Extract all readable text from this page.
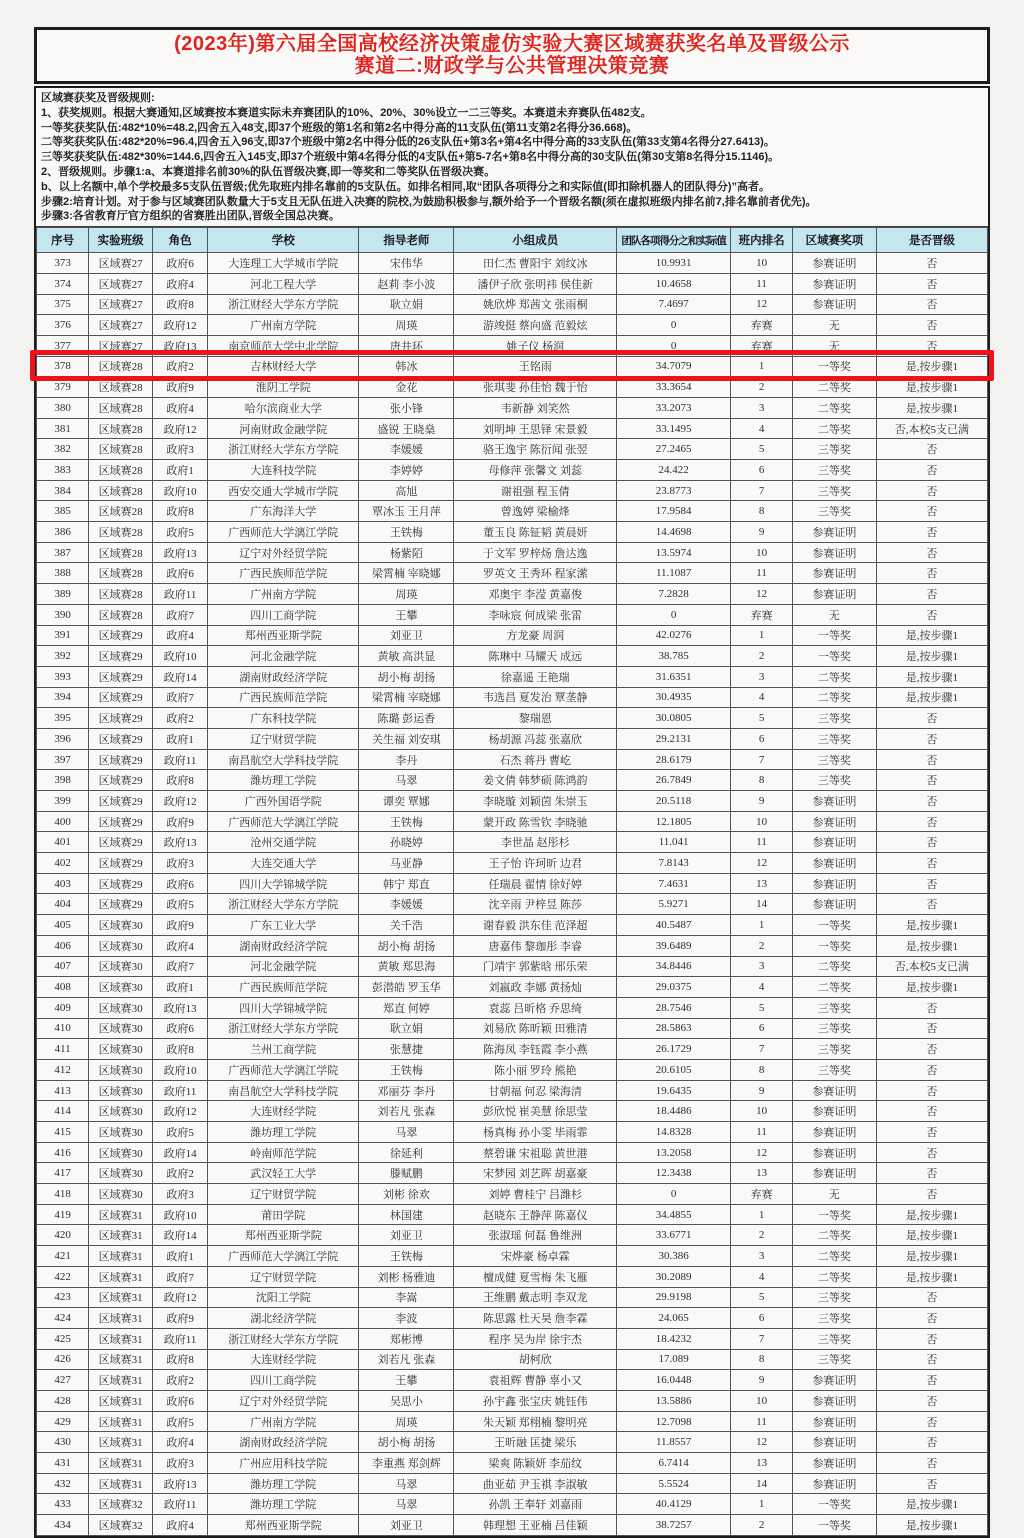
(2023年)第六届全国高校经济决策虚仿实验大赛区域赛获奖名单及晋级公示
赛道二:财政学与公共管理决策竞赛
区域赛获奖及晋级规则:
1、获奖规则。根据大赛通知,区域赛按本赛道实际未弃赛团队的10%、20%、30%设立一二三等奖。本赛道未弃赛队伍482支。
一等奖获奖队伍:482*10%=48.2,四舍五入48支,即37个班级的第1名和第2名中得分高的11支队伍(第11支第2名得分36.668)。
二等奖获奖队伍:482*20%=96.4,四舍五入96支,即37个班级中第2名中得分低的26支队伍+第3名+第4名中得分高的33支队伍(第33支第4名得分27.6413)。
三等奖获奖队伍:482*30%=144.6,四舍五入145支,即37个班级中第4名得分低的4支队伍+第5-7名+第8名中得分高的30支队伍(第30支第8名得分15.1146)。
2、晋级规则。步骤1:a、本赛道排名前30%的队伍晋级决赛,即一等奖和二等奖队伍晋级决赛。
b、以上名额中,单个学校最多5支队伍晋级;优先取班内排名靠前的5支队伍。如排名相同,取“团队各项得分之和实际值(即扣除机器人的团队得分)”高者。
步骤2:培育计划。对于参与区域赛团队数量大于5支且无队伍进入决赛的院校,为鼓励积极参与,额外给予一个晋级名额(须在虚拟班级内排名前7,排名靠前者优先)。
步骤3:各省教育厅官方组织的省赛胜出团队,晋级全国总决赛。
序号	实验班级	角色	学校	指导老师	小组成员	团队各项得分之和实际值	班内排名	区域赛奖项	是否晋级
373	区域赛27	政府6	大连理工大学城市学院	宋伟华	田仁杰 曹阳宇 刘纹冰	10.9931	10	参赛证明	否
374	区域赛27	政府4	河北工程大学	赵莉 李小波	潘伊子欣 张明祎 侯佳新	10.4658	11	参赛证明	否
375	区域赛27	政府8	浙江财经大学东方学院	耿立娟	姚欣烨 郑茜文 张雨桐	7.4697	12	参赛证明	否
376	区域赛27	政府12	广州南方学院	周瑛	游竣挺 蔡向盛 范毅炫	0	弃赛	无	否
377	区域赛27	政府13	南京师范大学中北学院	唐井环	姚子仪 杨润	0	弃赛	无	否
378	区域赛28	政府2	吉林财经大学	韩冰	王铭雨	34.7079	1	一等奖	是,按步骤1
379	区域赛28	政府9	淮阴工学院	金花	张琪斐 孙佳怡 魏于怡	33.3654	2	二等奖	是,按步骤1
380	区域赛28	政府4	哈尔滨商业大学	张小锋	韦新静 刘笑然	33.2073	3	二等奖	是,按步骤1
381	区域赛28	政府12	河南财政金融学院	盛锐 王晓燊	刘明坤 王思铎 宋景毅	33.1495	4	二等奖	否,本校5支已满
382	区域赛28	政府3	浙江财经大学东方学院	李媛媛	骆王逸宇 陈衍闻 张翌	27.2465	5	三等奖	否
383	区域赛28	政府1	大连科技学院	李婷婷	母修萍 张馨文 刘蕊	24.422	6	三等奖	否
384	区域赛28	政府10	西安交通大学城市学院	高旭	谢祖强 程玉倩	23.8773	7	三等奖	否
385	区域赛28	政府8	广东海洋大学	覃冰玉 王月萍	曾逸婷 梁榆烽	17.9584	8	三等奖	否
386	区域赛28	政府5	广西师范大学漓江学院	王铁梅	董玉良 陈钲韬 黄晨妍	14.4698	9	参赛证明	否
387	区域赛28	政府13	辽宁对外经贸学院	杨紫陌	于文军 罗梓炀 詹达逸	13.5974	10	参赛证明	否
388	区域赛28	政府6	广西民族师范学院	梁霄楠 宰晓娜	罗英文 王秀环 程家潆	11.1087	11	参赛证明	否
389	区域赛28	政府11	广州南方学院	周瑛	邓奥宇 李滢 黄嘉俊	7.2828	12	参赛证明	否
390	区域赛28	政府7	四川工商学院	王攀	李咏宸 何成梁 张雷	0	弃赛	无	否
391	区域赛29	政府4	郑州西亚斯学院	刘亚卫	方龙豪 周润	42.0276	1	一等奖	是,按步骤1
392	区域赛29	政府10	河北金融学院	黄敏 高洪显	陈琳中 马耀天 成远	38.785	2	一等奖	是,按步骤1
393	区域赛29	政府14	湖南财政经济学院	胡小梅 胡扬	徐嘉遥 王艳瑞	31.6351	3	二等奖	是,按步骤1
394	区域赛29	政府7	广西民族师范学院	梁霄楠 宰晓娜	韦选昌 夏发治 覃垄静	30.4935	4	二等奖	是,按步骤1
395	区域赛29	政府2	广东科技学院	陈璐 彭运香	黎瑞恩	30.0805	5	三等奖	否
396	区域赛29	政府1	辽宁财贸学院	关生福 刘安琪	杨胡源 冯蕊 张嘉欣	29.2131	6	三等奖	否
397	区域赛29	政府11	南昌航空大学科技学院	李丹	石杰 蒋丹 曹屹	28.6179	7	三等奖	否
398	区域赛29	政府8	潍坊理工学院	马翠	姜文倩 韩梦硕 陈鸿韵	26.7849	8	三等奖	否
399	区域赛29	政府12	广西外国语学院	谭奕 覃娜	李晓璇 刘颖茵 朱崇玉	20.5118	9	参赛证明	否
400	区域赛29	政府9	广西师范大学漓江学院	王铁梅	蒙开政 陈雪钦 李晓驰	12.1805	10	参赛证明	否
401	区域赛29	政府13	沧州交通学院	孙晓婷	李世晶 赵彤杉	11.041	11	参赛证明	否
402	区域赛29	政府3	大连交通大学	马亚静	王子怡 许珂昕 边君	7.8143	12	参赛证明	否
403	区域赛29	政府6	四川大学锦城学院	韩宁 郑直	任瑞晨 翟情 徐好婷	7.4631	13	参赛证明	否
404	区域赛29	政府5	浙江财经大学东方学院	李媛媛	沈辛雨 尹梓昱 陈莎	5.9271	14	参赛证明	否
405	区域赛30	政府9	广东工业大学	关千浩	谢春毅 洪东佳 范泽超	40.5487	1	一等奖	是,按步骤1
406	区域赛30	政府4	湖南财政经济学院	胡小梅 胡扬	唐嘉伟 黎珈彤 李睿	39.6489	2	一等奖	是,按步骤1
407	区域赛30	政府7	河北金融学院	黄敏 郑思海	门靖宇 郭紫晗 邢乐荣	34.8446	3	二等奖	否,本校5支已满
408	区域赛30	政府1	广西民族师范学院	彭潜皓 罗玉华	刘嬴政 李娜 黄扬灿	29.0375	4	二等奖	是,按步骤1
409	区域赛30	政府13	四川大学锦城学院	郑直 何婷	袁蕊 吕昕格 乔思绮	28.7546	5	三等奖	否
410	区域赛30	政府6	浙江财经大学东方学院	耿立娟	刘易欣 陈昕颖 田雅清	28.5863	6	三等奖	否
411	区域赛30	政府8	兰州工商学院	张慧捷	陈海凤 李钰霞 李小燕	26.1729	7	三等奖	否
412	区域赛30	政府10	广西师范大学漓江学院	王铁梅	陈小丽 罗玲 熊艳	20.6105	8	三等奖	否
413	区域赛30	政府11	南昌航空大学科技学院	邓丽芬 李丹	甘朝福 何忍 梁海清	19.6435	9	参赛证明	否
414	区域赛30	政府12	大连财经学院	刘若凡 张森	彭欣悦 崔美慧 徐思莹	18.4486	10	参赛证明	否
415	区域赛30	政府5	潍坊理工学院	马翠	杨真梅 孙小雯 毕雨霏	14.8328	11	参赛证明	否
416	区域赛30	政府14	岭南师范学院	徐延利	蔡碧谦 宋祖聪 黄世港	13.2058	12	参赛证明	否
417	区域赛30	政府2	武汉轻工大学	滕赋鹏	宋梦园 刘艺晖 胡嘉豪	12.3438	13	参赛证明	否
418	区域赛30	政府3	辽宁财贸学院	刘彬 徐欢	刘婷 曹桂宁 吕潍杉	0	弃赛	无	否
419	区域赛31	政府10	莆田学院	林国建	赵晓东 王静萍 陈嘉仪	34.4855	1	一等奖	是,按步骤1
420	区域赛31	政府14	郑州西亚斯学院	刘亚卫	张淑瑶 何磊 鲁维洲	33.6771	2	二等奖	是,按步骤1
421	区域赛31	政府1	广西师范大学漓江学院	王铁梅	宋烨豪 杨卓霖	30.386	3	二等奖	是,按步骤1
422	区域赛31	政府7	辽宁财贸学院	刘彬 杨雅迪	檀成健 夏雪梅 朱飞雁	30.2089	4	二等奖	是,按步骤1
423	区域赛31	政府12	沈阳工学院	李嵩	王维鹏 戴志明 李双龙	29.9198	5	三等奖	否
424	区域赛31	政府9	湖北经济学院	李波	陈思露 杜天昊 詹李霖	24.065	6	三等奖	否
425	区域赛31	政府11	浙江财经大学东方学院	郑彬博	程序 吴为岸 徐宇杰	18.4232	7	三等奖	否
426	区域赛31	政府8	大连财经学院	刘若凡 张森	胡柯欣	17.089	8	三等奖	否
427	区域赛31	政府2	四川工商学院	王攀	袁祖辉 曹静 辜小又	16.0448	9	参赛证明	否
428	区域赛31	政府6	辽宁对外经贸学院	吴思小	孙宇鑫 张宝庆 姚钰伟	13.5886	10	参赛证明	否
429	区域赛31	政府5	广州南方学院	周瑛	朱天颖 郑栩楠 黎明亮	12.7098	11	参赛证明	否
430	区域赛31	政府4	湖南财政经济学院	胡小梅 胡扬	王昕融 匡捷 梁乐	11.8557	12	参赛证明	否
431	区域赛31	政府3	广州应用科技学院	李重燕 郑剑辉	梁爽 陈颖妍 李茄纹	6.7414	13	参赛证明	否
432	区域赛31	政府13	潍坊理工学院	马翠	曲亚茹 尹玉祺 李淑敏	5.5524	14	参赛证明	否
433	区域赛32	政府11	潍坊理工学院	马翠	孙凯 王奉轩 刘嘉雨	40.4129	1	一等奖	是,按步骤1
434	区域赛32	政府4	郑州西亚斯学院	刘亚卫	韩理想 王亚楠 吕佳颖	38.7257	2	一等奖	是,按步骤1
